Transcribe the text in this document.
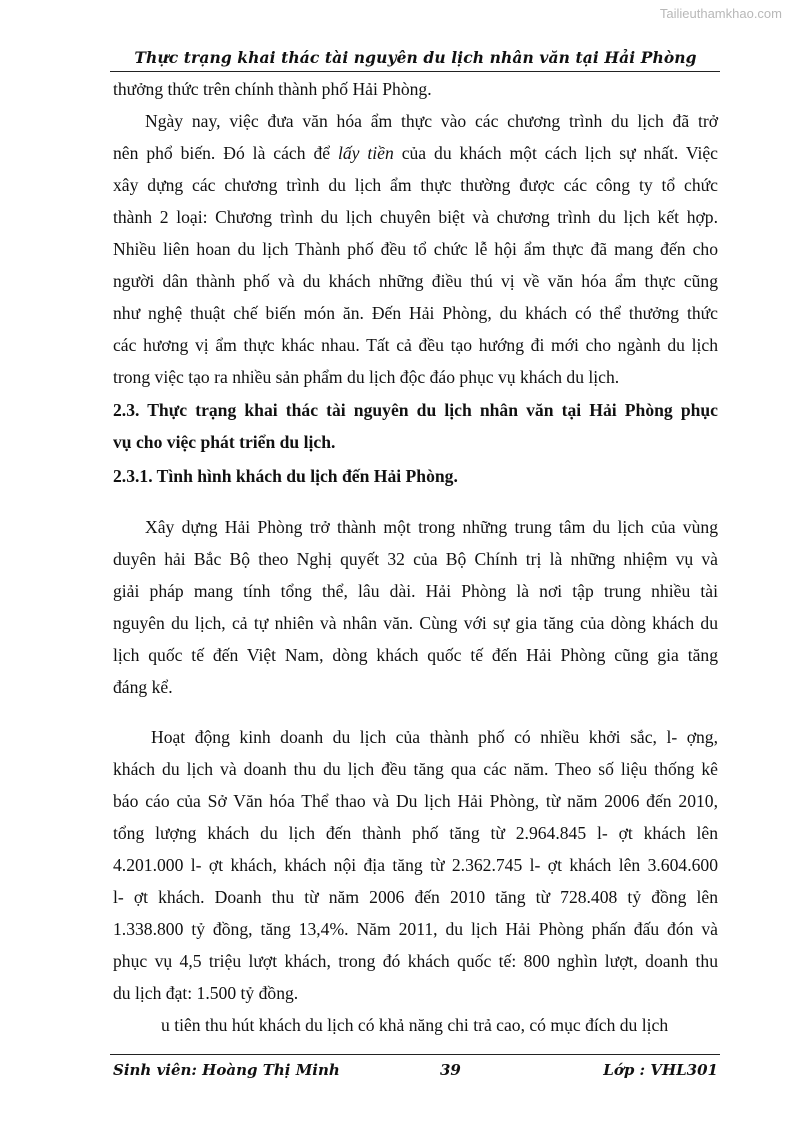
Tailieuthamkhao.com
Thực trạng khai thác tài nguyên du lịch nhân văn tại Hải Phòng
thưởng thức trên chính thành phố Hải Phòng.
Ngày nay, việc đưa văn hóa ẩm thực vào các chương trình du lịch đã trở
nên phổ biến. Đó là cách để lấy tiền của du khách một cách lịch sự nhất. Việc
xây dựng các chương trình du lịch ẩm thực thường được các công ty tổ chức
thành 2 loại: Chương trình du lịch chuyên biệt và chương trình du lịch kết hợp.
Nhiều liên hoan du lịch Thành phố đều tổ chức lễ hội ẩm thực đã mang đến cho
người dân thành phố và du khách những điều thú vị về văn hóa ẩm thực cũng
như nghệ thuật chế biến món ăn. Đến Hải Phòng, du khách có thể thưởng thức
các hương vị ẩm thực khác nhau. Tất cả đều tạo hướng đi mới cho ngành du lịch
trong việc tạo ra nhiều sản phẩm du lịch độc đáo phục vụ khách du lịch.
2.3. Thực trạng khai thác tài nguyên du lịch nhân văn tại Hải Phòng phục
vụ cho việc phát triển du lịch.
2.3.1. Tình hình khách du lịch đến Hải Phòng.
Xây dựng Hải Phòng trở thành một trong những trung tâm du lịch của vùng
duyên hải Bắc Bộ theo Nghị quyết 32 của Bộ Chính trị là những nhiệm vụ và
giải pháp mang tính tổng thể, lâu dài. Hải Phòng là nơi tập trung nhiều tài
nguyên du lịch, cả tự nhiên và nhân văn. Cùng với sự gia tăng của dòng khách du
lịch quốc tế đến Việt Nam, dòng khách quốc tế đến Hải Phòng cũng gia tăng
đáng kể.
Hoạt động kinh doanh du lịch của thành phố có nhiều khởi sắc, l- ợng,
khách du lịch và doanh thu du lịch đều tăng qua các năm. Theo số liệu thống kê
báo cáo của Sở Văn hóa Thể thao và Du lịch Hải Phòng, từ năm 2006 đến 2010,
tổng lượng khách du lịch đến thành phố tăng từ 2.964.845 l- ợt khách lên
4.201.000 l- ợt khách, khách nội địa tăng từ 2.362.745 l- ợt khách lên 3.604.600
l- ợt khách. Doanh thu từ năm 2006 đến 2010 tăng từ 728.408 tỷ đồng lên
1.338.800 tỷ đồng, tăng 13,4%. Năm 2011, du lịch Hải Phòng phấn đấu đón và
phục vụ 4,5 triệu lượt khách, trong đó khách quốc tế: 800 nghìn lượt, doanh thu
du lịch đạt: 1.500 tỷ đồng.
u tiên thu hút khách du lịch có khả năng chi trả cao, có mục đích du lịch
Sinh viên: Hoàng Thị Minh	39	Lớp : VHL301
